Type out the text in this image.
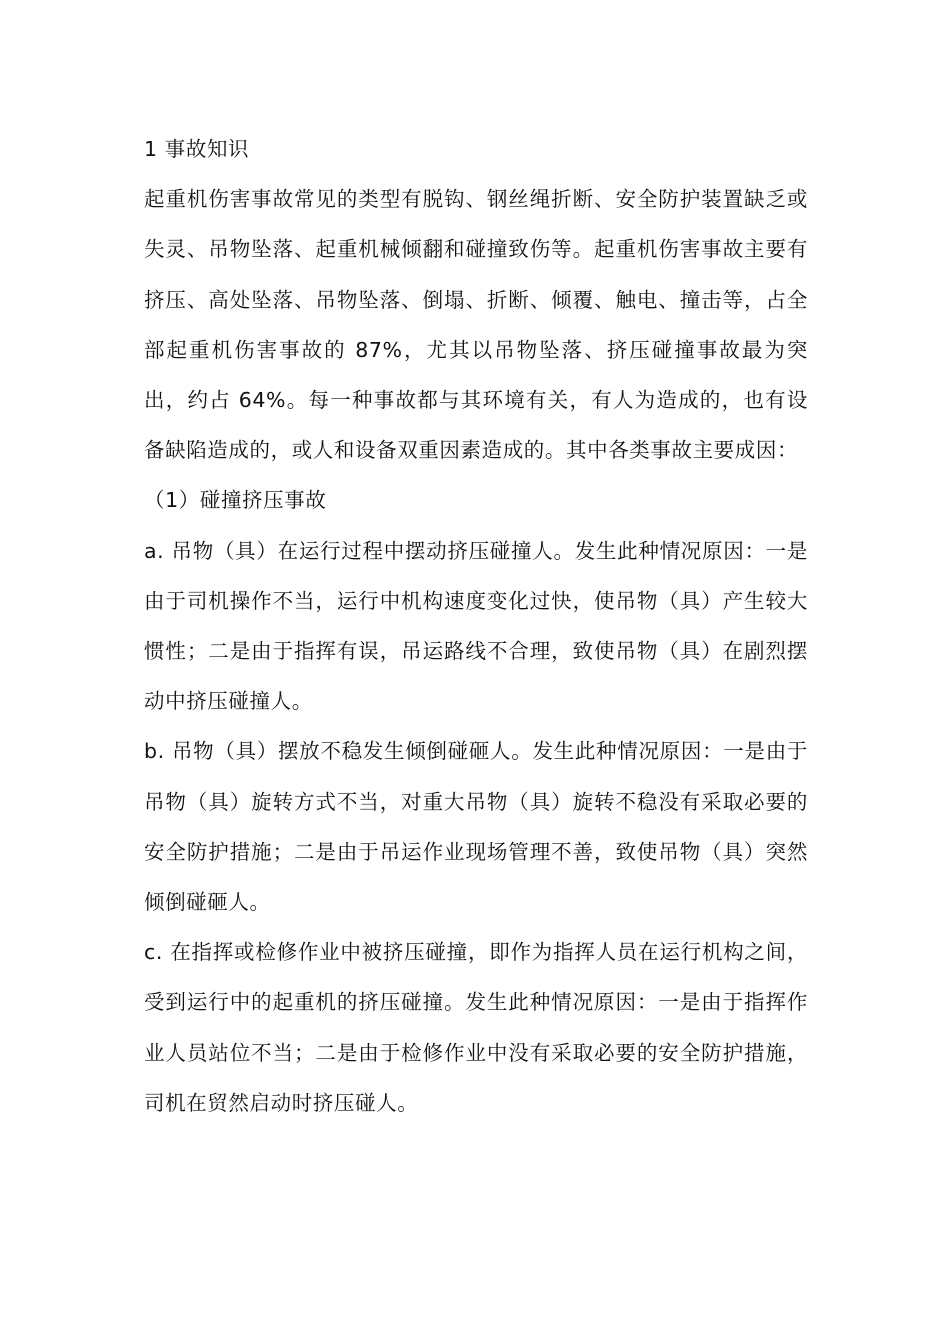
1 事故知识

起重机伤害事故常见的类型有脱钩、钢丝绳折断、安全防护装置缺乏或失灵、吊物坠落、起重机械倾翻和碰撞致伤等。起重机伤害事故主要有挤压、高处坠落、吊物坠落、倒塌、折断、倾覆、触电、撞击等，占全部起重机伤害事故的 87%，尤其以吊物坠落、挤压碰撞事故最为突出，约占 64%。每一种事故都与其环境有关，有人为造成的，也有设备缺陷造成的，或人和设备双重因素造成的。其中各类事故主要成因：

（1）碰撞挤压事故

a. 吊物（具）在运行过程中摆动挤压碰撞人。发生此种情况原因：一是由于司机操作不当，运行中机构速度变化过快，使吊物（具）产生较大惯性；二是由于指挥有误，吊运路线不合理，致使吊物（具）在剧烈摆动中挤压碰撞人。

b. 吊物（具）摆放不稳发生倾倒碰砸人。发生此种情况原因：一是由于吊物（具）旋转方式不当，对重大吊物（具）旋转不稳没有采取必要的安全防护措施；二是由于吊运作业现场管理不善，致使吊物（具）突然倾倒碰砸人。

c. 在指挥或检修作业中被挤压碰撞，即作为指挥人员在运行机构之间，受到运行中的起重机的挤压碰撞。发生此种情况原因：一是由于指挥作业人员站位不当；二是由于检修作业中没有采取必要的安全防护措施，司机在贸然启动时挤压碰人。
